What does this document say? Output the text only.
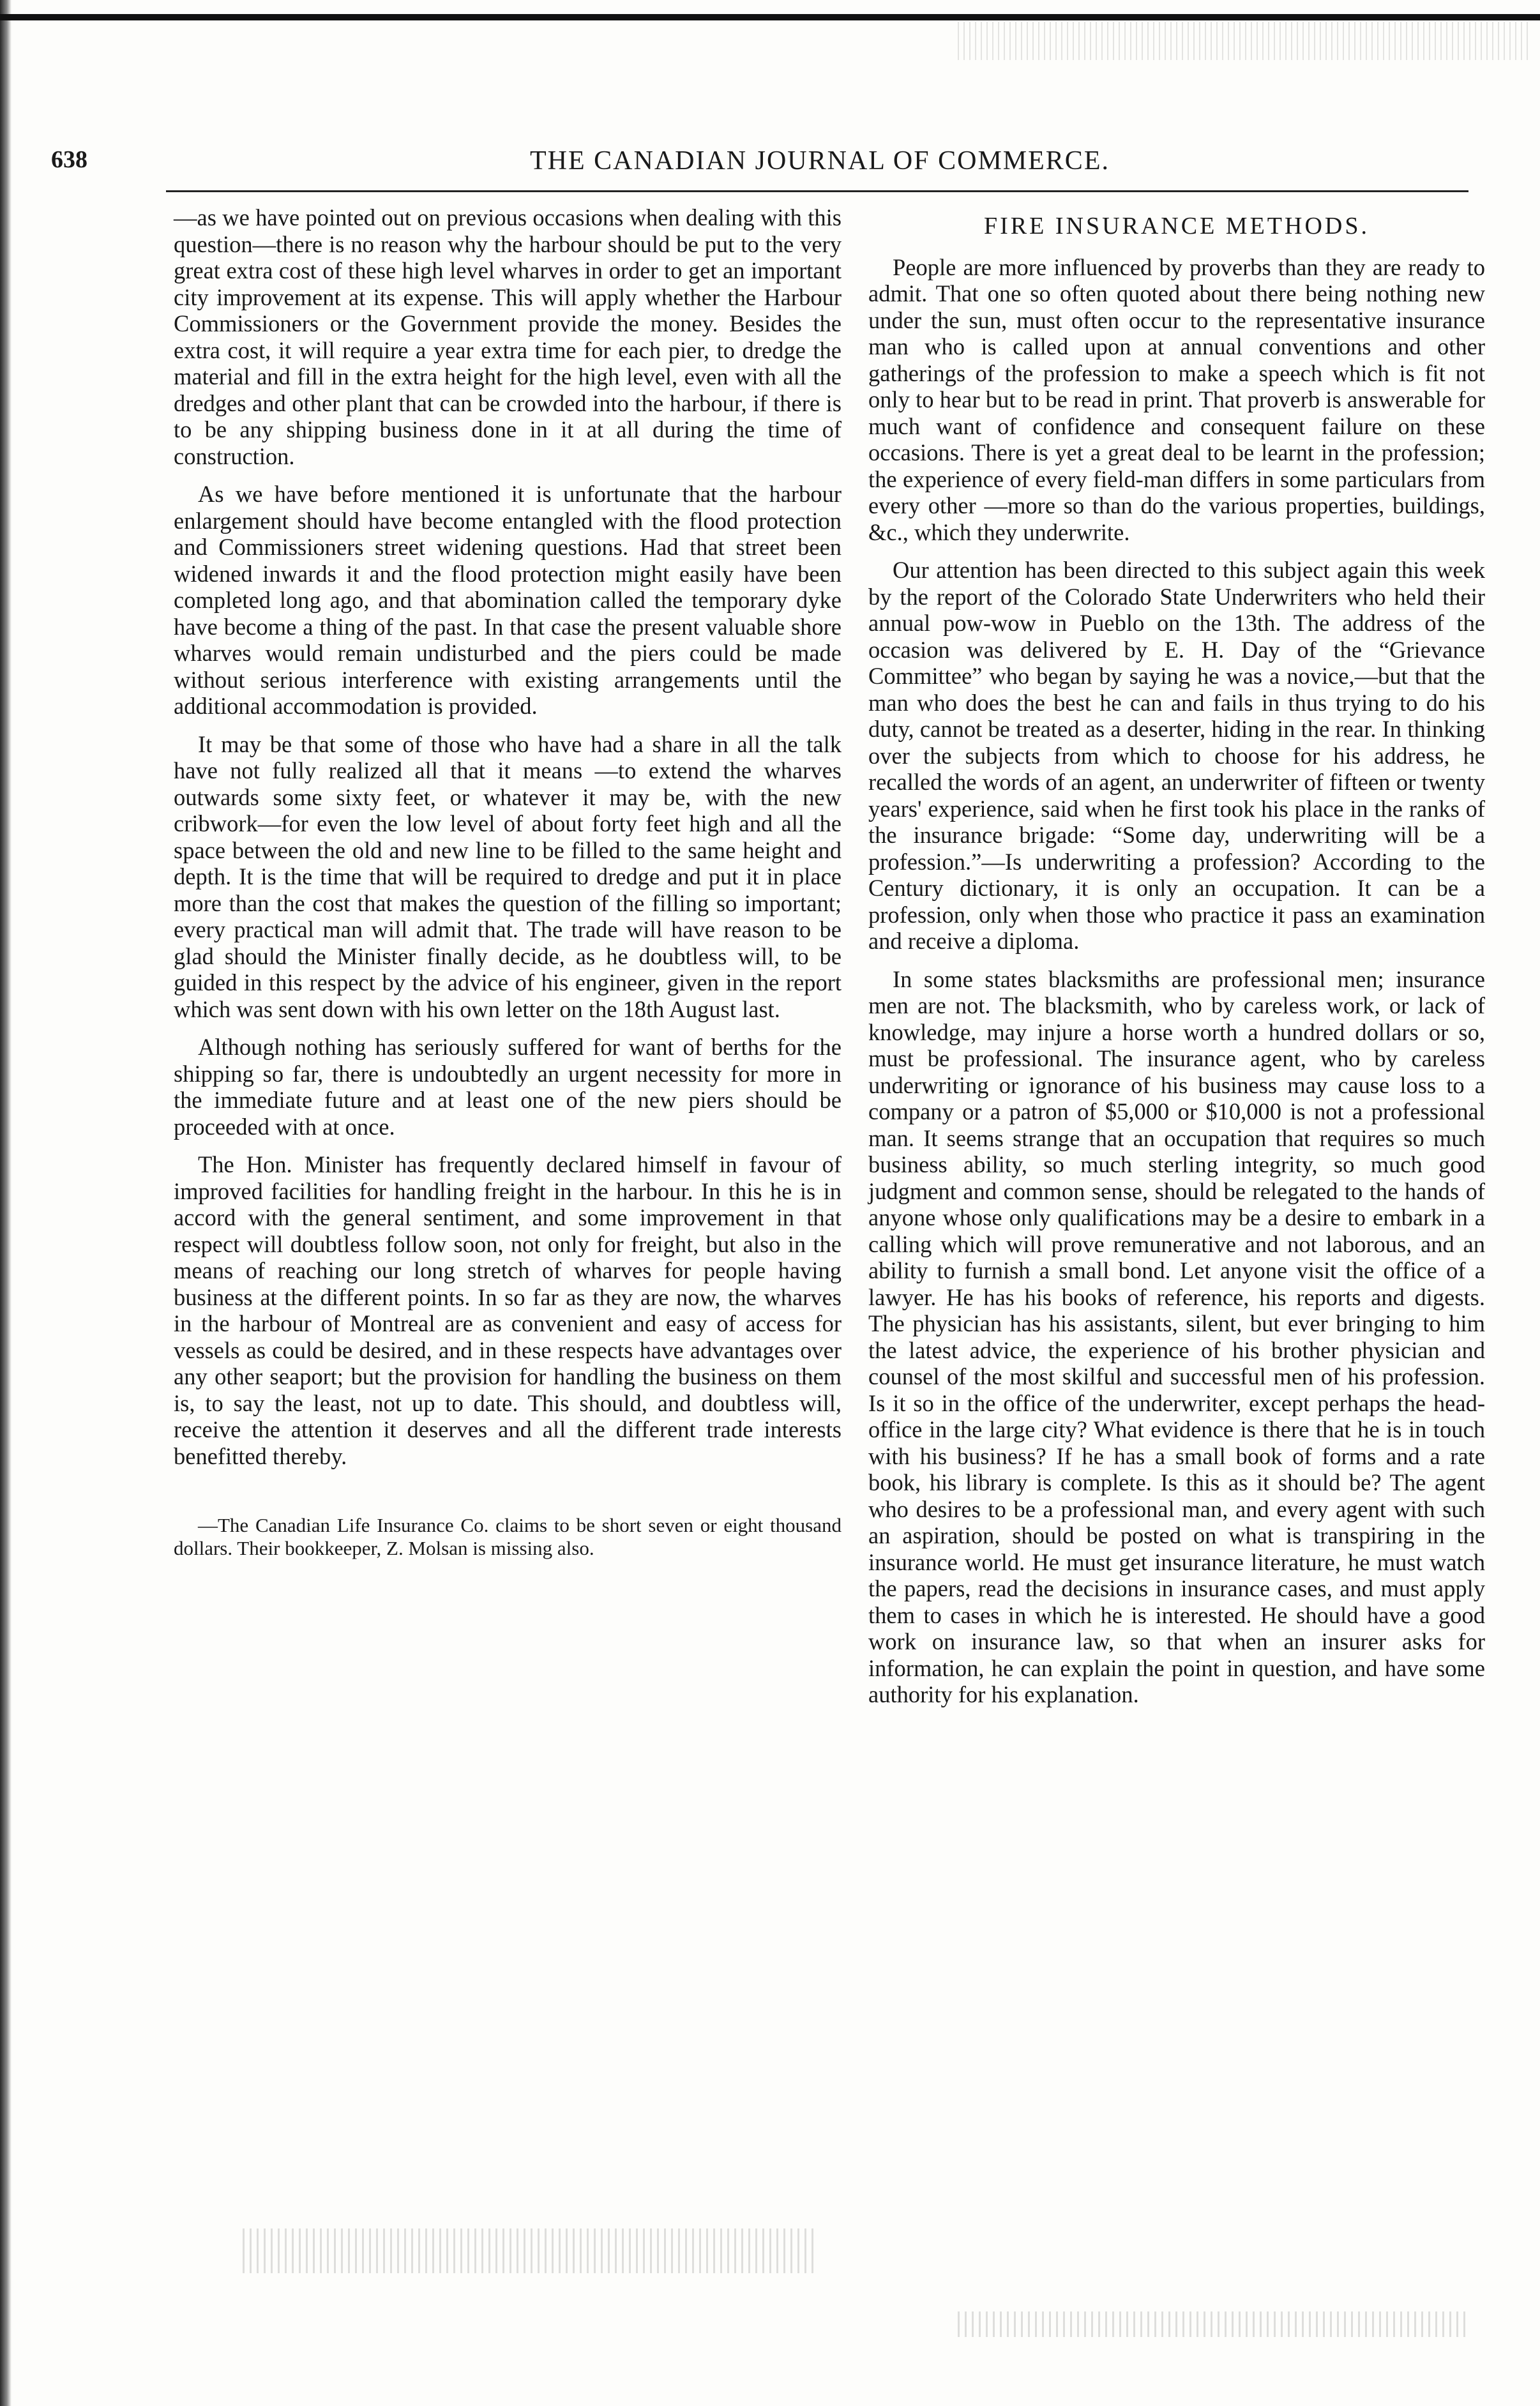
638	THE CANADIAN JOURNAL OF COMMERCE.

—as we have pointed out on previous occasions when dealing with this question—there is no reason why the harbour should be put to the very great extra cost of these high level wharves in order to get an important city improvement at its expense. This will apply whether the Harbour Commissioners or the Government provide the money. Besides the extra cost, it will require a year extra time for each pier, to dredge the material and fill in the extra height for the high level, even with all the dredges and other plant that can be crowded into the harbour, if there is to be any shipping business done in it at all during the time of construction.

As we have before mentioned it is unfortunate that the harbour enlargement should have become entangled with the flood protection and Commissioners street widening questions. Had that street been widened inwards it and the flood protection might easily have been completed long ago, and that abomination called the temporary dyke have become a thing of the past. In that case the present valuable shore wharves would remain undisturbed and the piers could be made without serious interference with existing arrangements until the additional accommodation is provided.

It may be that some of those who have had a share in all the talk have not fully realized all that it means —to extend the wharves outwards some sixty feet, or whatever it may be, with the new cribwork—for even the low level of about forty feet high and all the space between the old and new line to be filled to the same height and depth. It is the time that will be required to dredge and put it in place more than the cost that makes the question of the filling so important; every practical man will admit that. The trade will have reason to be glad should the Minister finally decide, as he doubtless will, to be guided in this respect by the advice of his engineer, given in the report which was sent down with his own letter on the 18th August last.

Although nothing has seriously suffered for want of berths for the shipping so far, there is undoubtedly an urgent necessity for more in the immediate future and at least one of the new piers should be proceeded with at once.

The Hon. Minister has frequently declared himself in favour of improved facilities for handling freight in the harbour. In this he is in accord with the general sentiment, and some improvement in that respect will doubtless follow soon, not only for freight, but also in the means of reaching our long stretch of wharves for people having business at the different points. In so far as they are now, the wharves in the harbour of Montreal are as convenient and easy of access for vessels as could be desired, and in these respects have advantages over any other seaport; but the provision for handling the business on them is, to say the least, not up to date. This should, and doubtless will, receive the attention it deserves and all the different trade interests benefitted thereby.

—The Canadian Life Insurance Co. claims to be short seven or eight thousand dollars. Their bookkeeper, Z. Molsan is missing also.
FIRE INSURANCE METHODS.

People are more influenced by proverbs than they are ready to admit. That one so often quoted about there being nothing new under the sun, must often occur to the representative insurance man who is called upon at annual conventions and other gatherings of the profession to make a speech which is fit not only to hear but to be read in print. That proverb is answerable for much want of confidence and consequent failure on these occasions. There is yet a great deal to be learnt in the profession; the experience of every field-man differs in some particulars from every other —more so than do the various properties, buildings, &c., which they underwrite.

Our attention has been directed to this subject again this week by the report of the Colorado State Underwriters who held their annual pow-wow in Pueblo on the 13th. The address of the occasion was delivered by E. H. Day of the “Grievance Committee” who began by saying he was a novice,—but that the man who does the best he can and fails in thus trying to do his duty, cannot be treated as a deserter, hiding in the rear. In thinking over the subjects from which to choose for his address, he recalled the words of an agent, an underwriter of fifteen or twenty years' experience, said when he first took his place in the ranks of the insurance brigade: “Some day, underwriting will be a profession.”—Is underwriting a profession? According to the Century dictionary, it is only an occupation. It can be a profession, only when those who practice it pass an examination and receive a diploma.

In some states blacksmiths are professional men; insurance men are not. The blacksmith, who by careless work, or lack of knowledge, may injure a horse worth a hundred dollars or so, must be professional. The insurance agent, who by careless underwriting or ignorance of his business may cause loss to a company or a patron of $5,000 or $10,000 is not a professional man. It seems strange that an occupation that requires so much business ability, so much sterling integrity, so much good judgment and common sense, should be relegated to the hands of anyone whose only qualifications may be a desire to embark in a calling which will prove remunerative and not laborous, and an ability to furnish a small bond. Let anyone visit the office of a lawyer. He has his books of reference, his reports and digests. The physician has his assistants, silent, but ever bringing to him the latest advice, the experience of his brother physician and counsel of the most skilful and successful men of his profession. Is it so in the office of the underwriter, except perhaps the head-office in the large city? What evidence is there that he is in touch with his business? If he has a small book of forms and a rate book, his library is complete. Is this as it should be? The agent who desires to be a professional man, and every agent with such an aspiration, should be posted on what is transpiring in the insurance world. He must get insurance literature, he must watch the papers, read the decisions in insurance cases, and must apply them to cases in which he is interested. He should have a good work on insurance law, so that when an insurer asks for information, he can explain the point in question, and have some authority for his explanation.
